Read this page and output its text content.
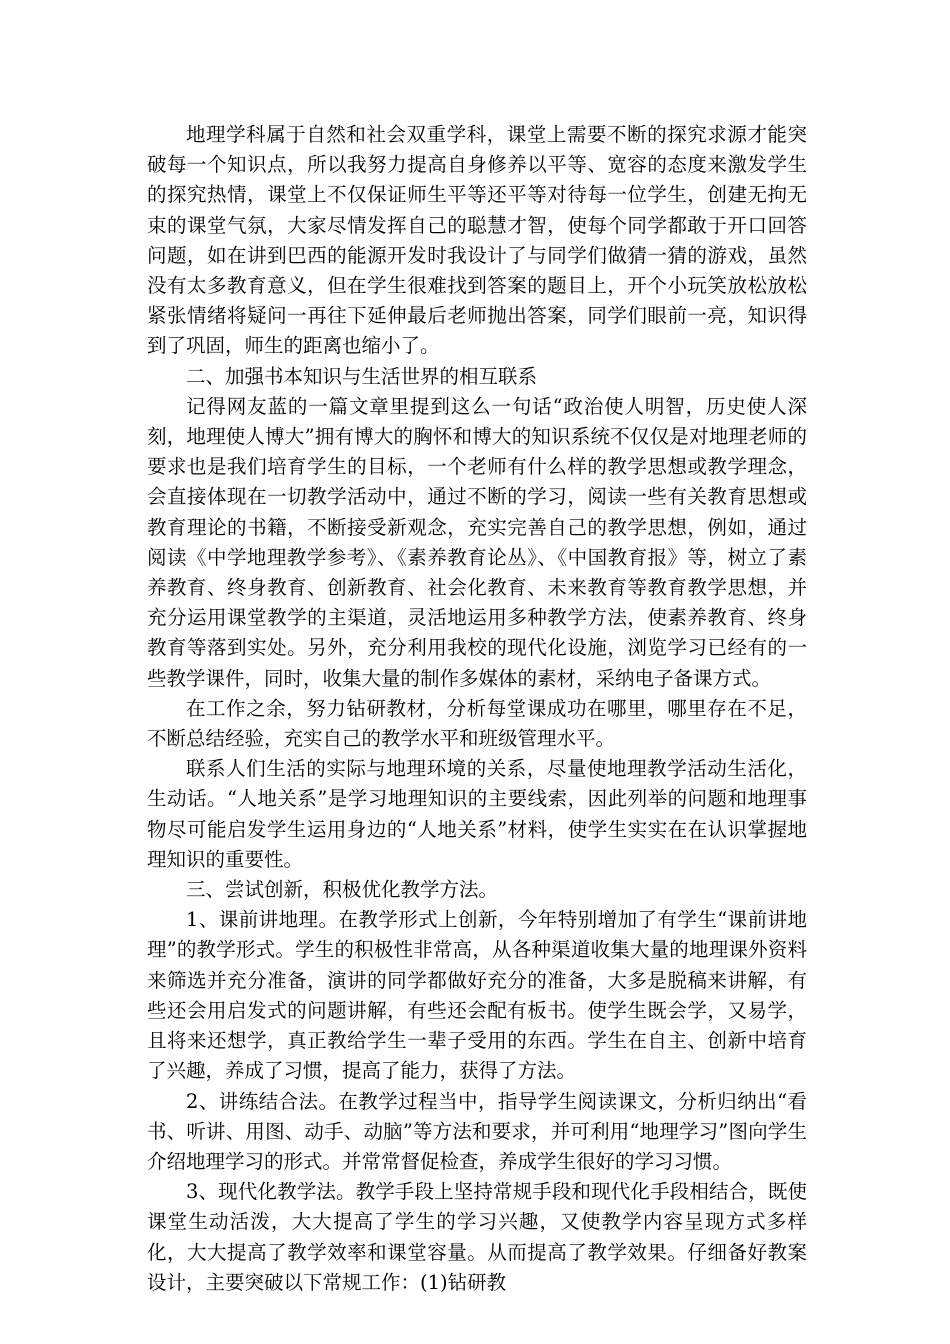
地理学科属于自然和社会双重学科，课堂上需要不断的探究求源才能突破每一个知识点，所以我努力提高自身修养以平等、宽容的态度来激发学生的探究热情，课堂上不仅保证师生平等还平等对待每一位学生，创建无拘无束的课堂气氛，大家尽情发挥自己的聪慧才智，使每个同学都敢于开口回答问题，如在讲到巴西的能源开发时我设计了与同学们做猜一猜的游戏，虽然没有太多教育意义，但在学生很难找到答案的题目上，开个小玩笑放松放松紧张情绪将疑问一再往下延伸最后老师抛出答案，同学们眼前一亮，知识得到了巩固，师生的距离也缩小了。

二、加强书本知识与生活世界的相互联系

记得网友蓝的一篇文章里提到这么一句话“政治使人明智，历史使人深刻，地理使人博大”拥有博大的胸怀和博大的知识系统不仅仅是对地理老师的要求也是我们培育学生的目标，一个老师有什么样的教学思想或教学理念，会直接体现在一切教学活动中，通过不断的学习，阅读一些有关教育思想或教育理论的书籍，不断接受新观念，充实完善自己的教学思想，例如，通过阅读《中学地理教学参考》、《素养教育论丛》、《中国教育报》等，树立了素养教育、终身教育、创新教育、社会化教育、未来教育等教育教学思想，并充分运用课堂教学的主渠道，灵活地运用多种教学方法，使素养教育、终身教育等落到实处。另外，充分利用我校的现代化设施，浏览学习已经有的一些教学课件，同时，收集大量的制作多媒体的素材，采纳电子备课方式。

在工作之余，努力钻研教材，分析每堂课成功在哪里，哪里存在不足，不断总结经验，充实自己的教学水平和班级管理水平。

联系人们生活的实际与地理环境的关系，尽量使地理教学活动生活化，生动话。“人地关系”是学习地理知识的主要线索，因此列举的问题和地理事物尽可能启发学生运用身边的“人地关系”材料，使学生实实在在认识掌握地理知识的重要性。

三、尝试创新，积极优化教学方法。

1、课前讲地理。在教学形式上创新，今年特别增加了有学生“课前讲地理”的教学形式。学生的积极性非常高，从各种渠道收集大量的地理课外资料来筛选并充分准备，演讲的同学都做好充分的准备，大多是脱稿来讲解，有些还会用启发式的问题讲解，有些还会配有板书。使学生既会学，又易学，且将来还想学，真正教给学生一辈子受用的东西。学生在自主、创新中培育了兴趣，养成了习惯，提高了能力，获得了方法。

2、讲练结合法。在教学过程当中，指导学生阅读课文，分析归纳出“看书、听讲、用图、动手、动脑”等方法和要求，并可利用“地理学习”图向学生介绍地理学习的形式。并常常督促检查，养成学生很好的学习习惯。

3、现代化教学法。教学手段上坚持常规手段和现代化手段相结合，既使课堂生动活泼，大大提高了学生的学习兴趣，又使教学内容呈现方式多样化，大大提高了教学效率和课堂容量。从而提高了教学效果。仔细备好教案设计，主要突破以下常规工作：(1)钻研教
